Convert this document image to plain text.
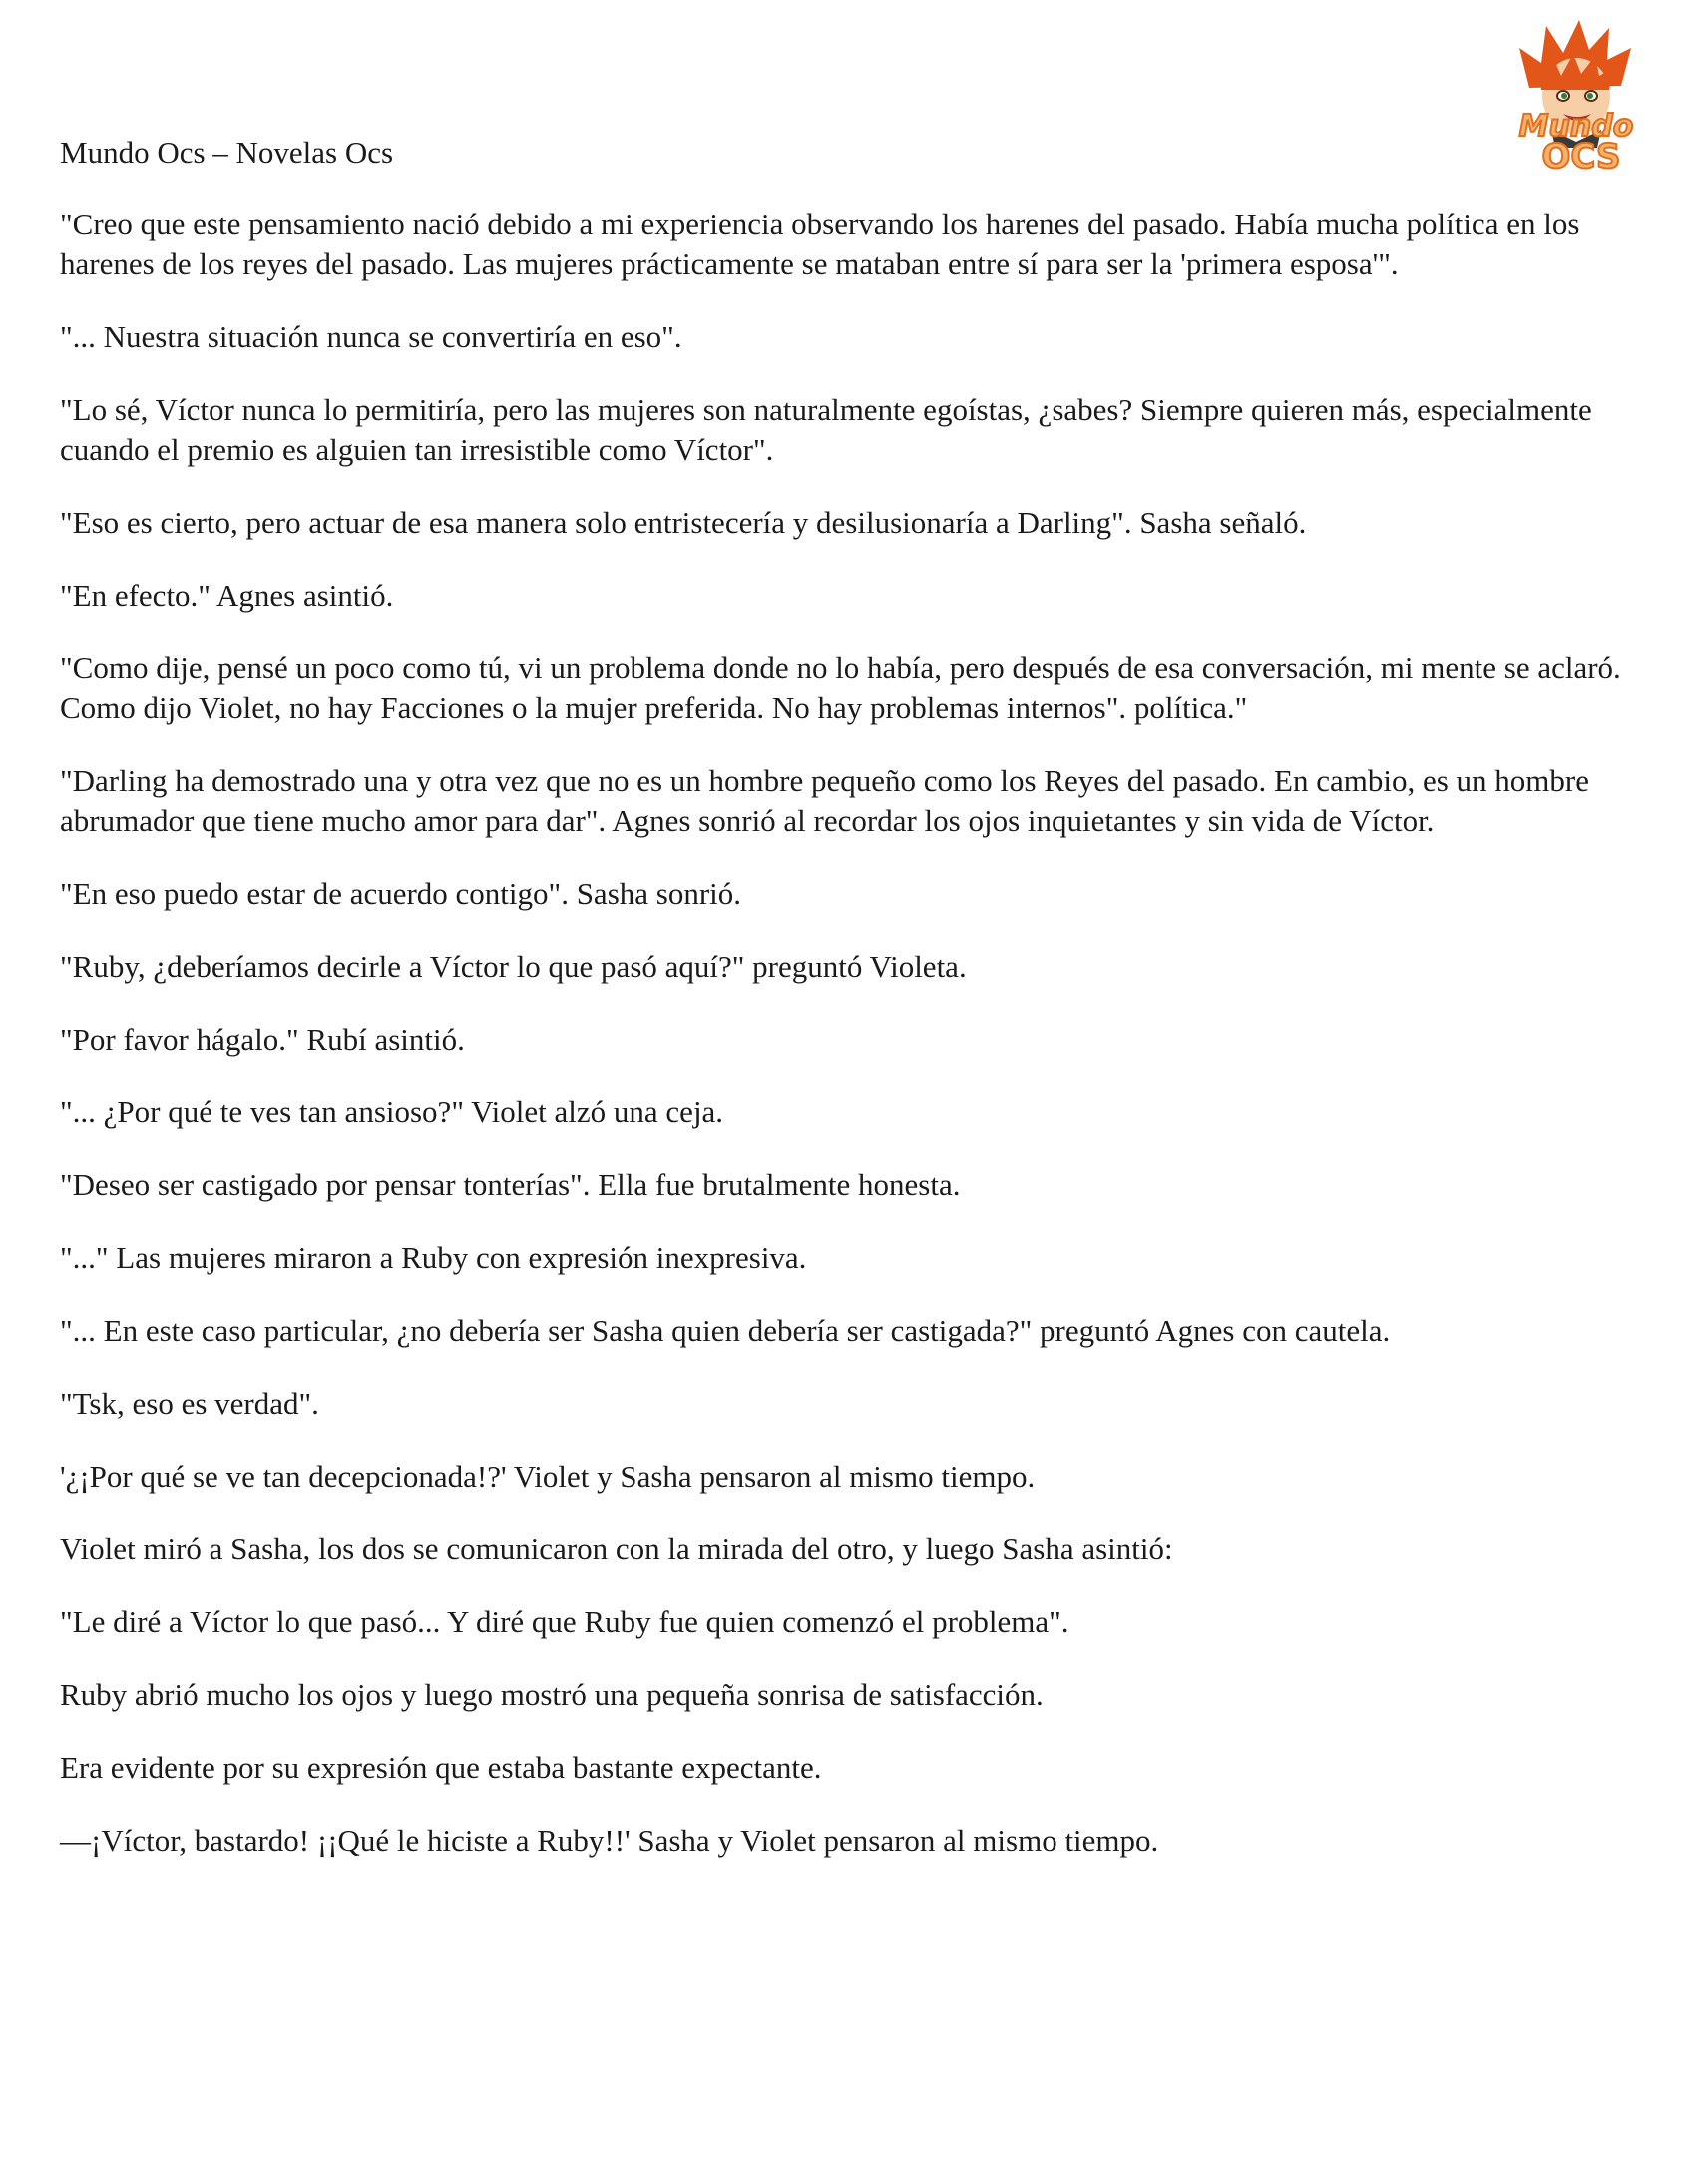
Mundo
OCS

Mundo Ocs – Novelas Ocs

"Creo que este pensamiento nació debido a mi experiencia observando los harenes del pasado. Había mucha política en los harenes de los reyes del pasado. Las mujeres prácticamente se mataban entre sí para ser la 'primera esposa'".

"... Nuestra situación nunca se convertiría en eso".

"Lo sé, Víctor nunca lo permitiría, pero las mujeres son naturalmente egoístas, ¿sabes? Siempre quieren más, especialmente cuando el premio es alguien tan irresistible como Víctor".

"Eso es cierto, pero actuar de esa manera solo entristecería y desilusionaría a Darling". Sasha señaló.

"En efecto." Agnes asintió.

"Como dije, pensé un poco como tú, vi un problema donde no lo había, pero después de esa conversación, mi mente se aclaró. Como dijo Violet, no hay Facciones o la mujer preferida. No hay problemas internos". política."

"Darling ha demostrado una y otra vez que no es un hombre pequeño como los Reyes del pasado. En cambio, es un hombre abrumador que tiene mucho amor para dar". Agnes sonrió al recordar los ojos inquietantes y sin vida de Víctor.

"En eso puedo estar de acuerdo contigo". Sasha sonrió.

"Ruby, ¿deberíamos decirle a Víctor lo que pasó aquí?" preguntó Violeta.

"Por favor hágalo." Rubí asintió.

"... ¿Por qué te ves tan ansioso?" Violet alzó una ceja.

"Deseo ser castigado por pensar tonterías". Ella fue brutalmente honesta.

"..." Las mujeres miraron a Ruby con expresión inexpresiva.

"... En este caso particular, ¿no debería ser Sasha quien debería ser castigada?" preguntó Agnes con cautela.

"Tsk, eso es verdad".

'¿¡Por qué se ve tan decepcionada!?' Violet y Sasha pensaron al mismo tiempo.

Violet miró a Sasha, los dos se comunicaron con la mirada del otro, y luego Sasha asintió:

"Le diré a Víctor lo que pasó... Y diré que Ruby fue quien comenzó el problema".

Ruby abrió mucho los ojos y luego mostró una pequeña sonrisa de satisfacción.

Era evidente por su expresión que estaba bastante expectante.

—¡Víctor, bastardo! ¡¡Qué le hiciste a Ruby!!' Sasha y Violet pensaron al mismo tiempo.
